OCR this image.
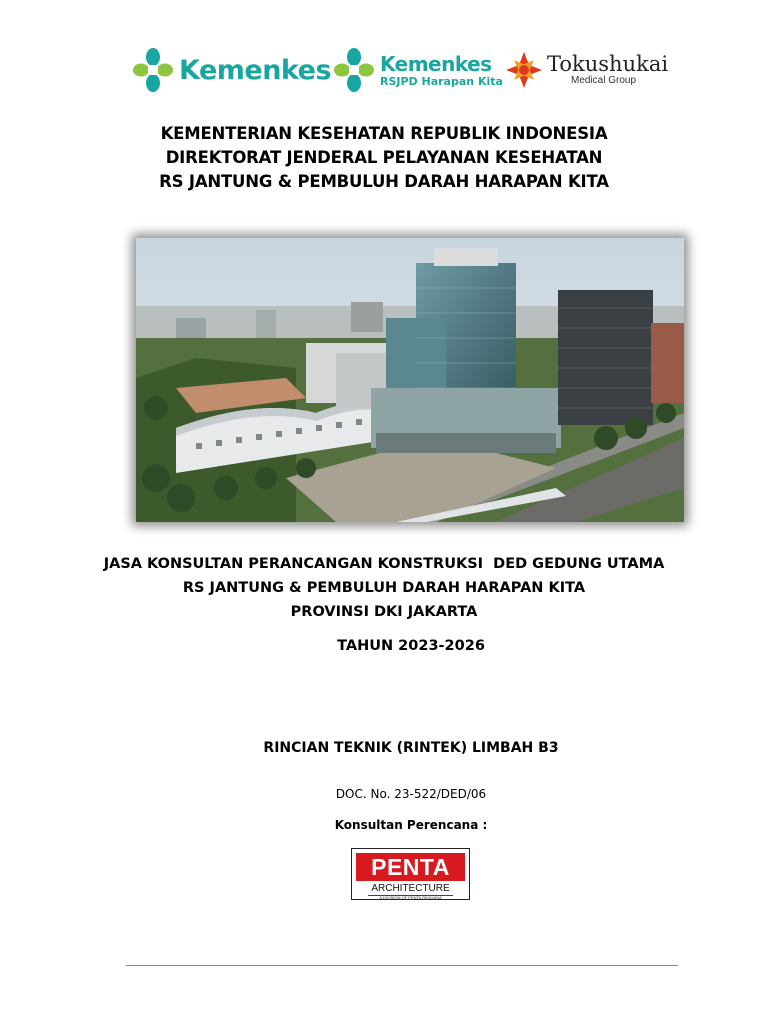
Kemenkes Kemenkes
RSJPD Harapan Kita
Tokushukai
Medical Group
KEMENTERIAN KESEHATAN REPUBLIK INDONESIA
DIREKTORAT JENDERAL PELAYANAN KESEHATAN
RS JANTUNG & PEMBULUH DARAH HARAPAN KITA
JASA KONSULTAN PERANCANGAN KONSTRUKSI  DED GEDUNG UTAMA
RS JANTUNG & PEMBULUH DARAH HARAPAN KITA
PROVINSI DKI JAKARTA
TAHUN 2023-2026
RINCIAN TEKNIK (RINTEK) LIMBAH B3
DOC. No. 23-522/DED/06
Konsultan Perencana :
PENTA
ARCHITECTURE
A DIVISION OF PENTA RIKAYASA
